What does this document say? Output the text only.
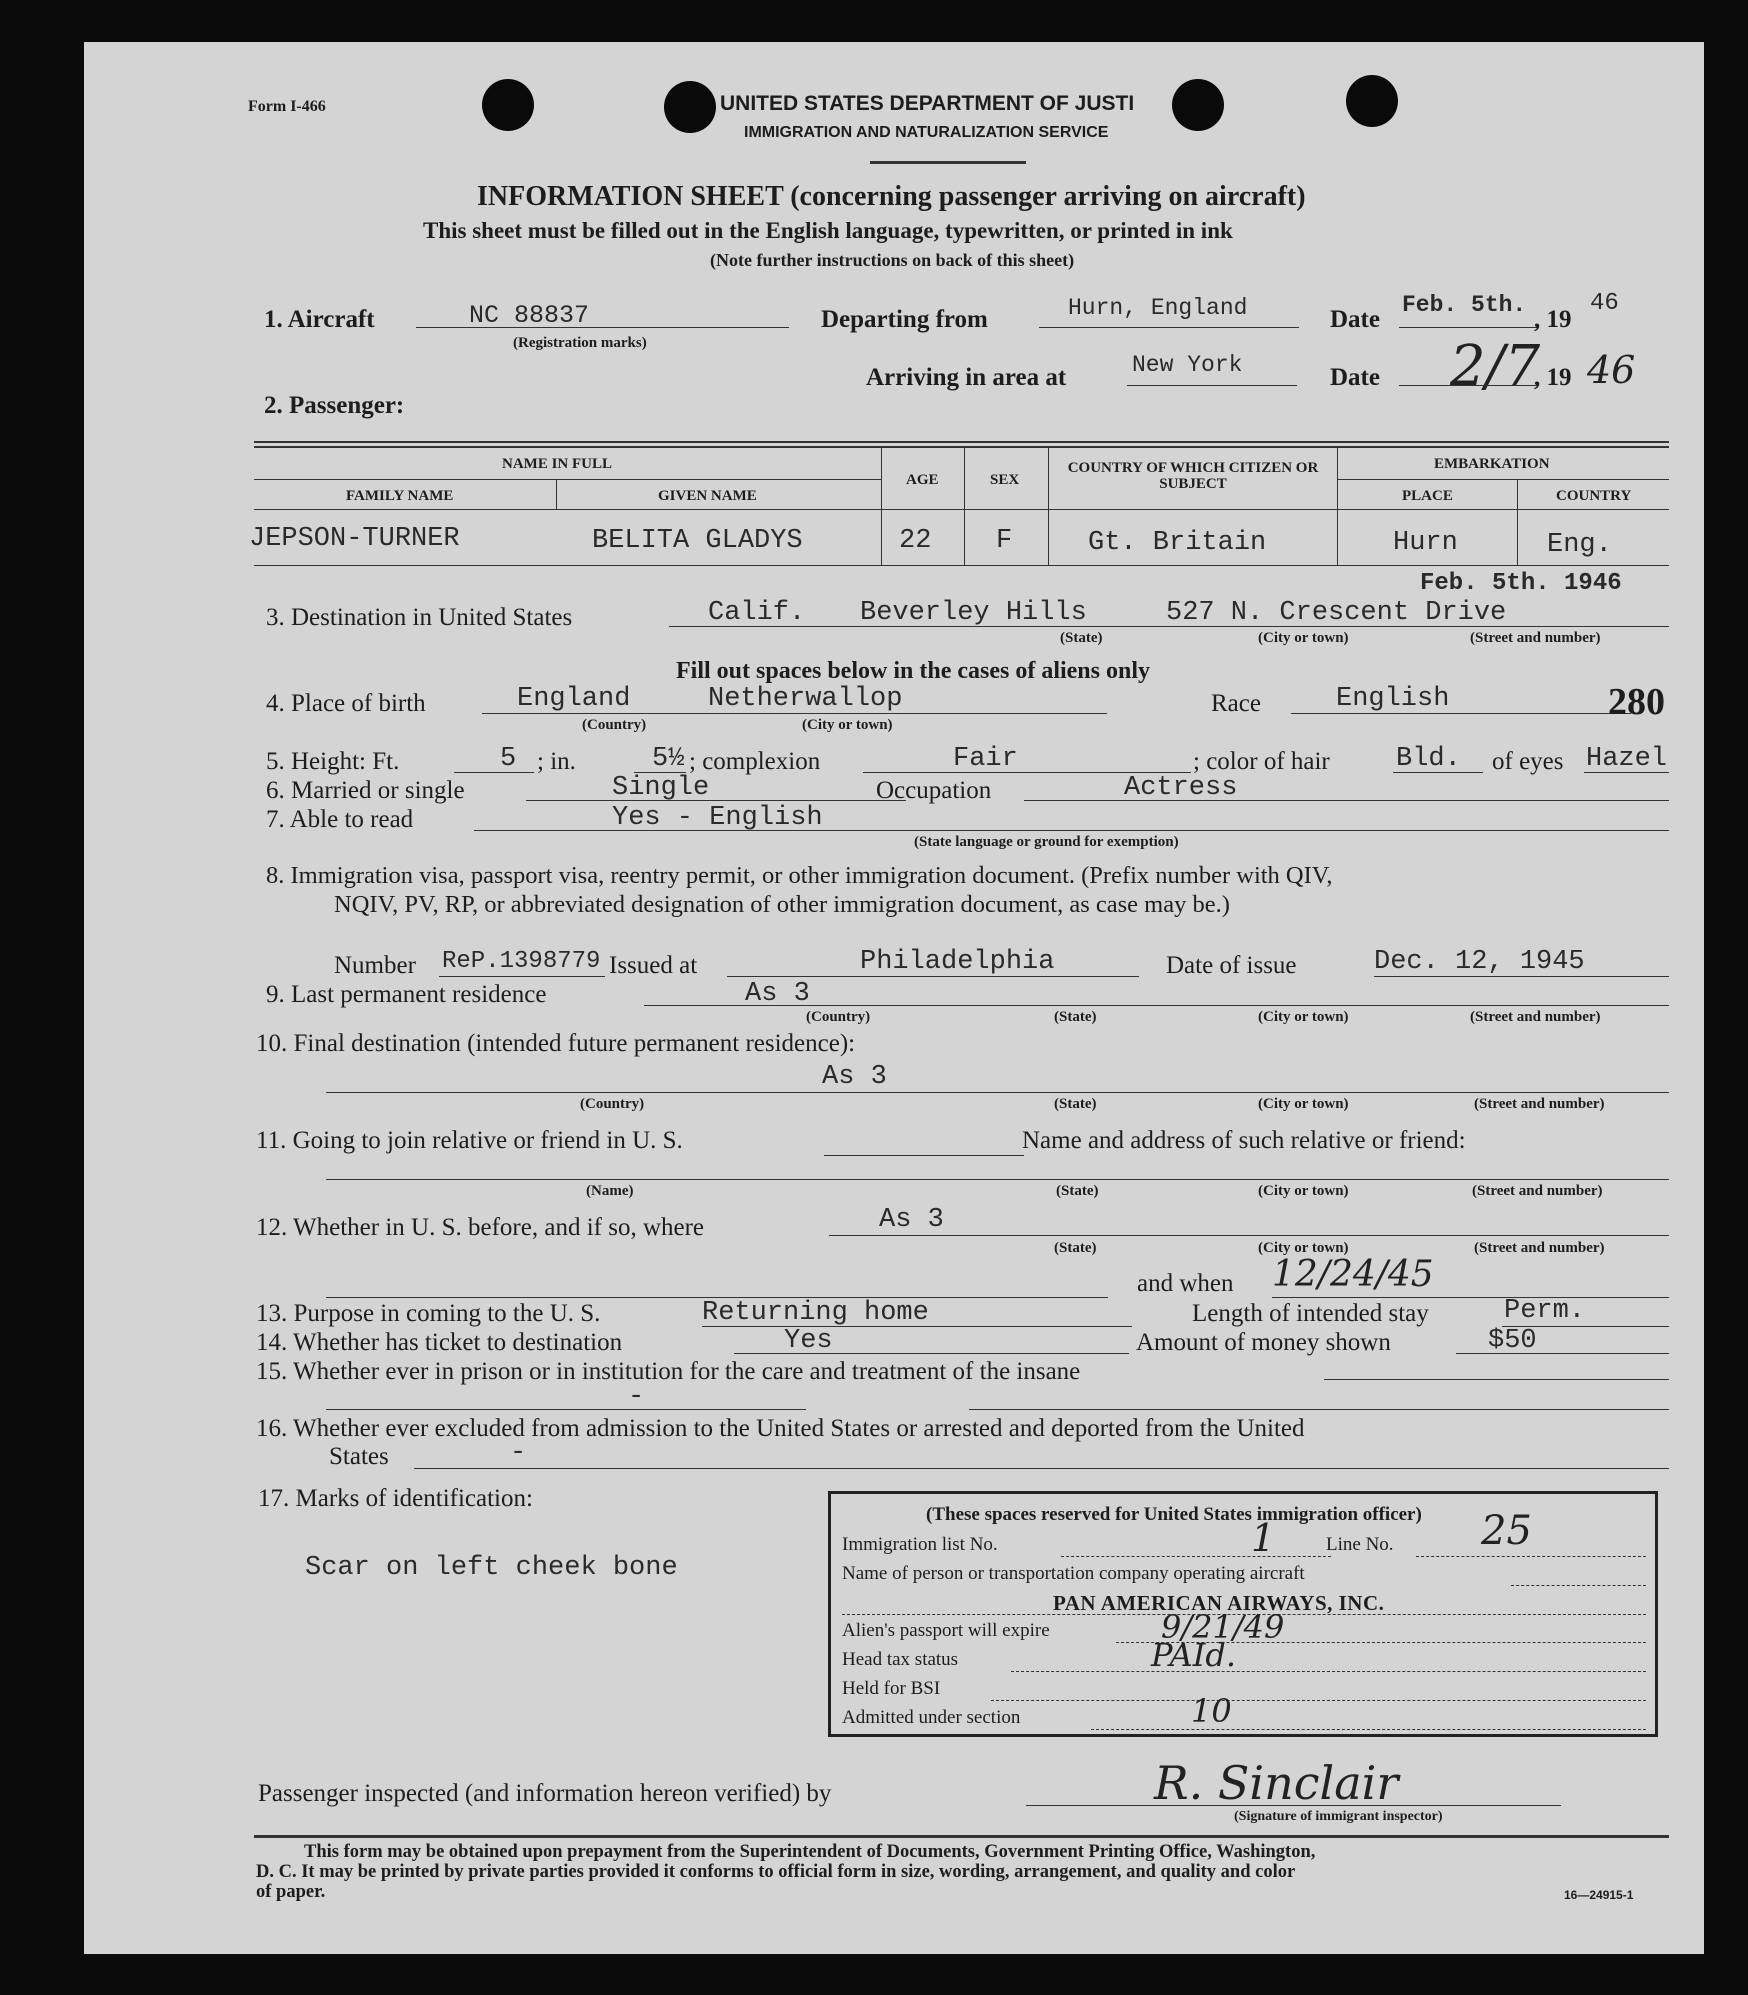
Form I-466	UNITED STATES DEPARTMENT OF JUSTI
IMMIGRATION AND NATURALIZATION SERVICE
INFORMATION SHEET (concerning passenger arriving on aircraft)
This sheet must be filled out in the English language, typewritten, or printed in ink
(Note further instructions on back of this sheet)
1. Aircraft	NC 88837
(Registration marks)
Departing from	Hurn, England	Date
Feb. 5th.
, 19
46
Arriving in area at	New York	Date 2/7
, 19 46
2. Passenger:
NAME IN FULL
FAMILY NAME	GIVEN NAME
AGE	SEX
COUNTRY OF WHICH CITIZEN OR SUBJECT
EMBARKATION
PLACE	COUNTRY
JEPSON-TURNER	BELITA GLADYS	22 F	Gt. Britain	Hurn	Eng.
Feb. 5th. 1946
3. Destination in United States	Calif. Beverley Hills	527 N. Crescent Drive
(State)	(City or town)	(Street and number)
Fill out spaces below in the cases of aliens only
4. Place of birth	England	Netherwallop
(Country)	(City or town)
Race	English	280
5. Height: Ft.	5 ; in.	5½ ; complexion	Fair	; color of hair Bld. of eyes Hazel
6. Married or single	Single	Occupation	Actress
7. Able to read	Yes - English
(State language or ground for exemption)
8. Immigration visa, passport visa, reentry permit, or other immigration document. (Prefix number with QIV,
NQIV, PV, RP, or abbreviated designation of other immigration document, as case may be.)
Number ReP.1398779 Issued at	Philadelphia	Date of issue	Dec. 12, 1945
9. Last permanent residence	As 3
(Country)	(State)	(City or town)	(Street and number)
10. Final destination (intended future permanent residence):
As 3
(Country)	(State)	(City or town)	(Street and number)
11. Going to join relative or friend in U. S.	Name and address of such relative or friend:
(Name)	(State)	(City or town)	(Street and number)
12. Whether in U. S. before, and if so, where	As 3
(State)	(City or town)	(Street and number)
and when 12/24/45
13. Purpose in coming to the U. S.	Returning home	Length of intended stay	Perm.
14. Whether has ticket to destination	Yes	Amount of money shown	$50
15. Whether ever in prison or in institution for the care and treatment of the insane
-
16. Whether ever excluded from admission to the United States or arrested and deported from the United
States	-
17. Marks of identification:
Scar on left cheek bone
(These spaces reserved for United States immigration officer)
Immigration list No.	1	Line No. 25
Name of person or transportation company operating aircraft
PAN AMERICAN AIRWAYS, INC.
Alien's passport will expire	9/21/49
Head tax status	PAId.
Held for BSI
Admitted under section	10
Passenger inspected (and information hereon verified) by	R. Sinclair
(Signature of immigrant inspector)
This form may be obtained upon prepayment from the Superintendent of Documents, Government Printing Office, Washington,
D. C. It may be printed by private parties provided it conforms to official form in size, wording, arrangement, and quality and color
of paper.	16—24915-1
